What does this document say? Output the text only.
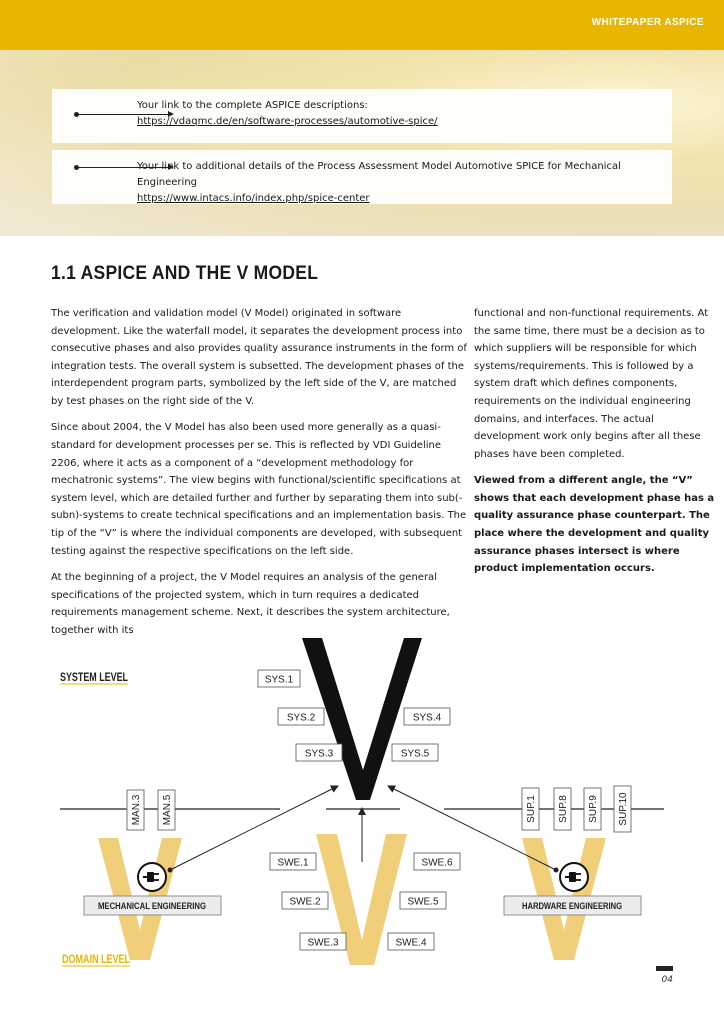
WHITEPAPER ASPICE
Your link to the complete ASPICE descriptions:
https://vdaqmc.de/en/software-processes/automotive-spice/
Your link to additional details of the Process Assessment Model Automotive SPICE for Mechanical Engineering
https://www.intacs.info/index.php/spice-center
1.1 ASPICE AND THE V MODEL

The verification and validation model (V Model) originated in software development. Like the waterfall model, it separates the development process into consecutive phases and also provides quality assurance instruments in the form of integration tests. The overall system is subsetted. The development phases of the interdependent program parts, symbolized by the left side of the V, are matched by test phases on the right side of the V.

Since about 2004, the V Model has also been used more generally as a quasi-standard for development processes per se. This is reflected by VDI Guideline 2206, where it acts as a component of a “development methodology for mechatronic systems”. The view begins with functional/scientific specifications at system level, which are detailed further and further by separating them into sub(-subn)-systems to create technical specifications and an implementation basis. The tip of the “V” is where the individual components are developed, with subsequent testing against the respective specifications on the left side.

At the beginning of a project, the V Model requires an analysis of the general specifications of the projected system, which in turn requires a dedicated requirements management scheme. Next, it describes the system architecture, together with its

functional and non-functional requirements. At the same time, there must be a decision as to which suppliers will be responsible for which systems/requirements. This is followed by a system draft which defines components, requirements on the individual engineering domains, and interfaces. The actual development work only begins after all these phases have been completed.

Viewed from a different angle, the “V” shows that each development phase has a quality assurance phase counterpart. The place where the development and quality assurance phases intersect is where product implementation occurs.

SYSTEM LEVEL
DOMAIN LEVEL
SYS.1
SYS.2
SYS.3
SYS.4
SYS.5
SWE.1
SWE.2
SWE.3	SWE.4
SWE.5
SWE.6
MAN.3 MAN.5	SUP.1 SUP.8 SUP.9 SUP.10
MECHANICAL ENGINEERING	HARDWARE ENGINEERING
04
